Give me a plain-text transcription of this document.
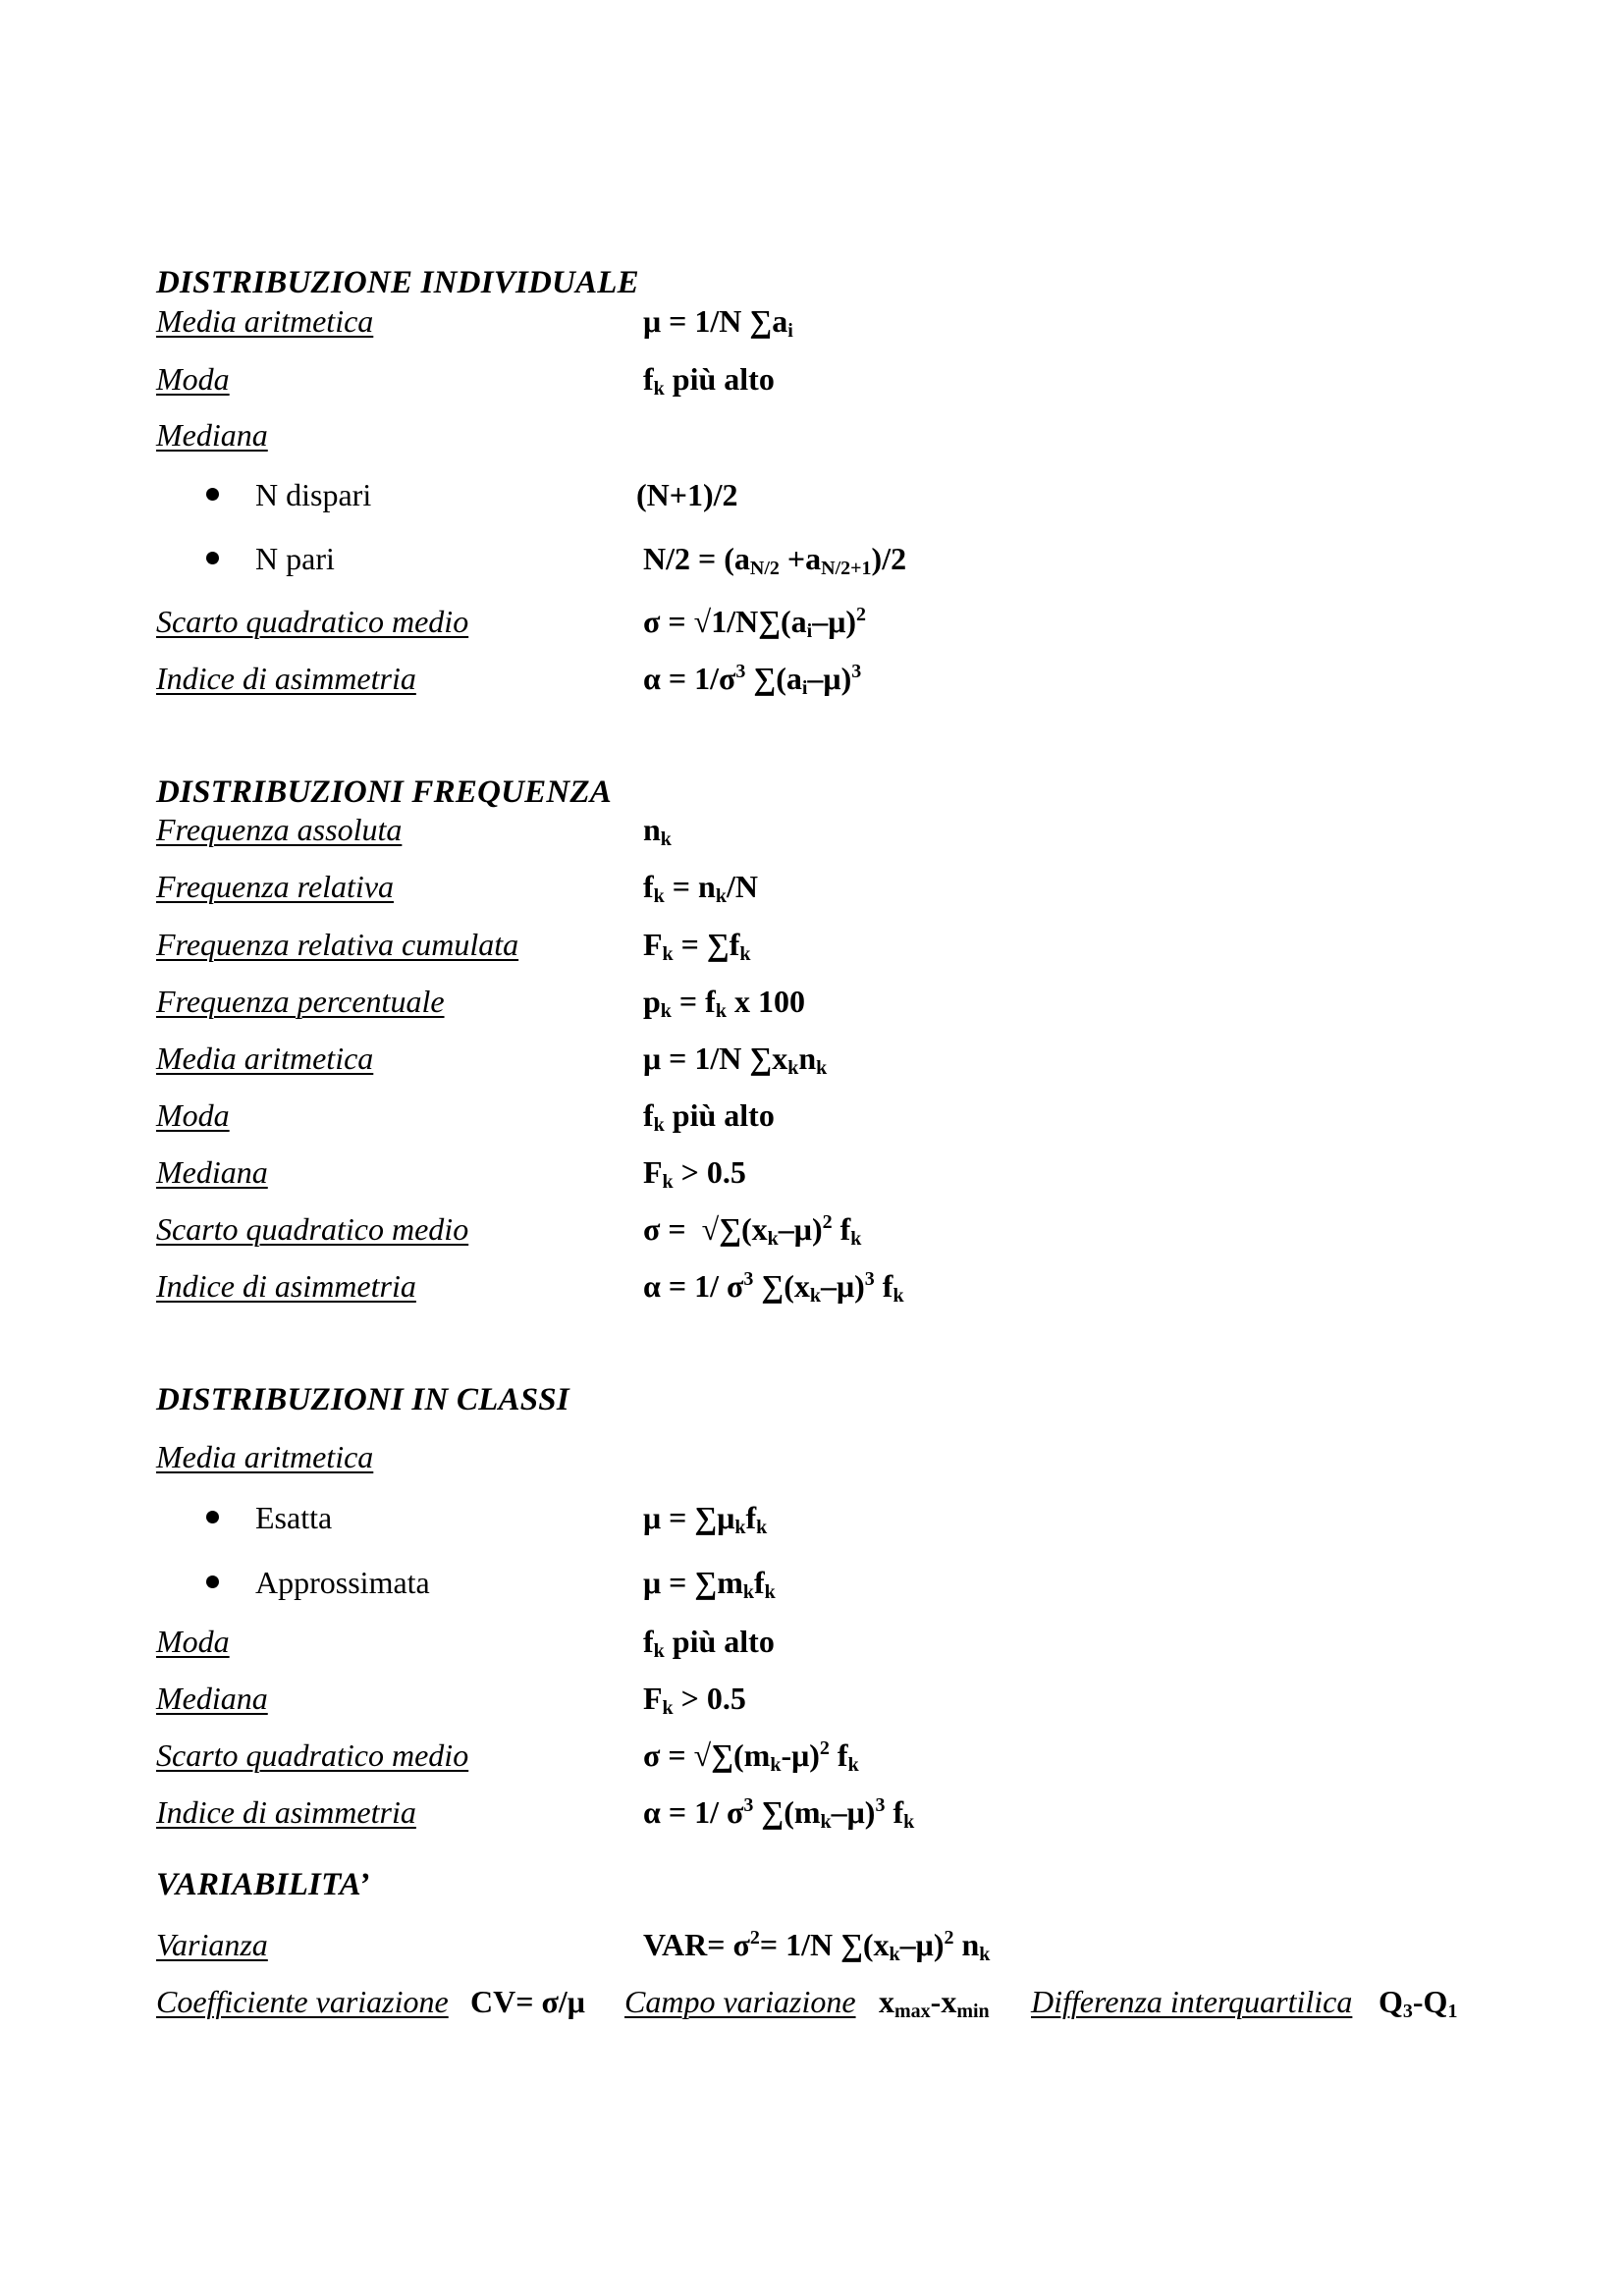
DISTRIBUZIONE INDIVIDUALE
Media aritmetica	μ = 1/N $\sum a_i$
Moda	$f_k$ più alto
Mediana
N dispari	(N+1)/2
N pari	$N/2 = (a_{N/2} +a_{N/2+1})/2$
Scarto quadratico medio	$\sigma = √1/N\sum(a_i-\mu)^2$
Indice di asimmetria	$\alpha = 1/\sigma^3$ $\sum(a_i-\mu)^3$
DISTRIBUZIONI FREQUENZA
Frequenza assoluta	$n_k$
Frequenza relativa	$f_k = n_k/N$
Frequenza relativa cumulata	$F_k = \sum f_k$
Frequenza percentuale	$p_k = f_k$ x 100
Media aritmetica	μ = 1/N $\sum x_kn_k$
Moda	$f_k$ più alto
Mediana	$F_k > 0.5$
Scarto quadratico medio	$\sigma = √\sum(x_k-\mu)^2$ $f_k$
Indice di asimmetria	α = 1/ $\sigma^3$ $\sum(x_k-\mu)^3$ $f_k$
DISTRIBUZIONI IN CLASSI
Media aritmetica
Esatta	$\mu = \sum\mu_kf_k$
Approssimata	$\mu = \sum m_kf_k$
Moda	$f_k$ più alto
Mediana	$F_k > 0.5$
Scarto quadratico medio	$\sigma = √\sum(m_k-\mu)^2$ $f_k$
Indice di asimmetria	α = 1/ $\sigma^3$ $\sum(m_k-\mu)^3$ $f_k$
VARIABILITA’
Varianza	$VAR= \sigma^2= 1/N$ $\sum(x_k-\mu)^2$ $n_k$
Coefficiente variazione CV= σ/μ Campo variazione $x_{max}-x_{min}$ Differenza interquartilica $Q_3-Q_1$
